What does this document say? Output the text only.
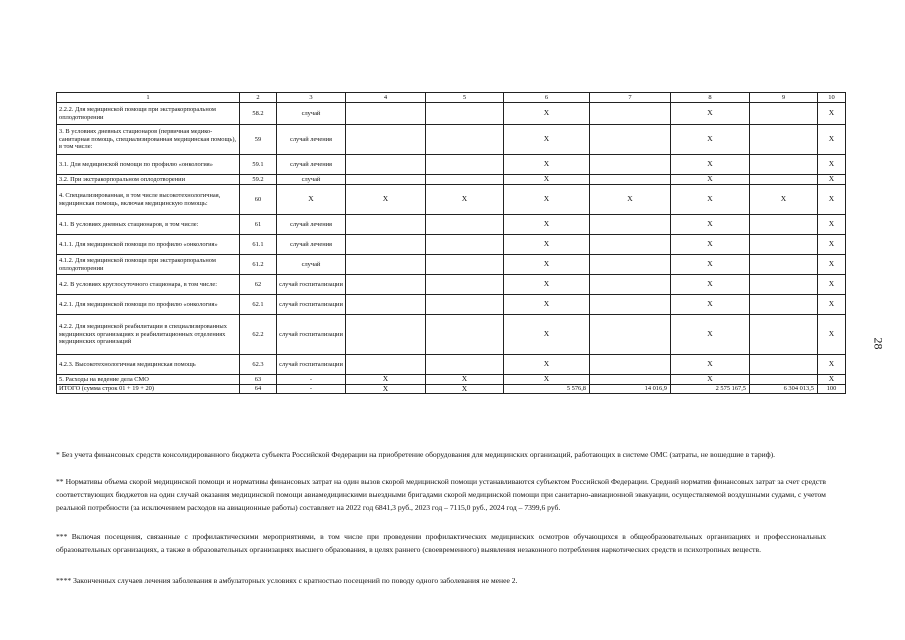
1	2	3	4	5	6	7	8	9	10
2.2.2. Для медицинской помощи при экстракорпоральном оплодотворении	58.2	случай			X		X		X
3. В условиях дневных стационаров (первичная медико-санитарная помощь, специализированная медицинская помощь), в том числе:	59	случай лечения			X		X		X
3.1. Для медицинской помощи по профилю «онкология»	59.1	случай лечения			X		X		X
3.2. При экстракорпоральном оплодотворении	59.2	случай			X		X		X
4. Специализированная, в том числе высокотехнологичная, медицинская помощь, включая медицинскую помощь:	60	X	X	X	X	X	X	X	X
4.1. В условиях дневных стационаров, в том числе:	61	случай лечения			X		X		X
4.1.1. Для медицинской помощи по профилю «онкология»	61.1	случай лечения			X		X		X
4.1.2. Для медицинской помощи при экстракорпоральном оплодотворении	61.2	случай			X		X		X
4.2. В условиях круглосуточного стационара, в том числе:	62	случай госпитализации			X		X		X
4.2.1. Для медицинской помощи по профилю «онкология»	62.1	случай госпитализации			X		X		X
4.2.2. Для медицинской реабилитации в специализированных медицинских организациях и реабилитационных отделениях медицинских организаций	62.2	случай госпитализации			X		X		X
4.2.3. Высокотехнологичная медицинская помощь	62.3	случай госпитализации			X		X		X
5. Расходы на ведение дела СМО	63	-	X	X	X		X		X
ИТОГО (сумма строк 01 + 19 + 20)	64	-	X	X	5 576,8	14 016,9	2 575 167,5	6 304 013,5	100

* Без учета финансовых средств консолидированного бюджета субъекта Российской Федерации на приобретение оборудования для медицинских организаций, работающих в системе ОМС (затраты, не вошедшие в тариф).

** Нормативы объема скорой медицинской помощи и нормативы финансовых затрат на один вызов скорой медицинской помощи устанавливаются субъектом Российской Федерации. Средний норматив финансовых затрат за счет средств соответствующих бюджетов на один случай оказания медицинской помощи авиамедицинскими выездными бригадами скорой медицинской помощи при санитарно-авиационной эвакуации, осуществляемой воздушными судами, с учетом реальной потребности (за исключением расходов на авиационные работы) составляет на 2022 год 6841,3 руб., 2023 год – 7115,0 руб., 2024 год – 7399,6 руб.

*** Включая посещения, связанные с профилактическими мероприятиями, в том числе при проведении профилактических медицинских осмотров обучающихся в общеобразовательных организациях и профессиональных образовательных организациях, а также в образовательных организациях высшего образования, в целях раннего (своевременного) выявления незаконного потребления наркотических средств и психотропных веществ.

**** Законченных случаев лечения заболевания в амбулаторных условиях с кратностью посещений по поводу одного заболевания не менее 2.

28
